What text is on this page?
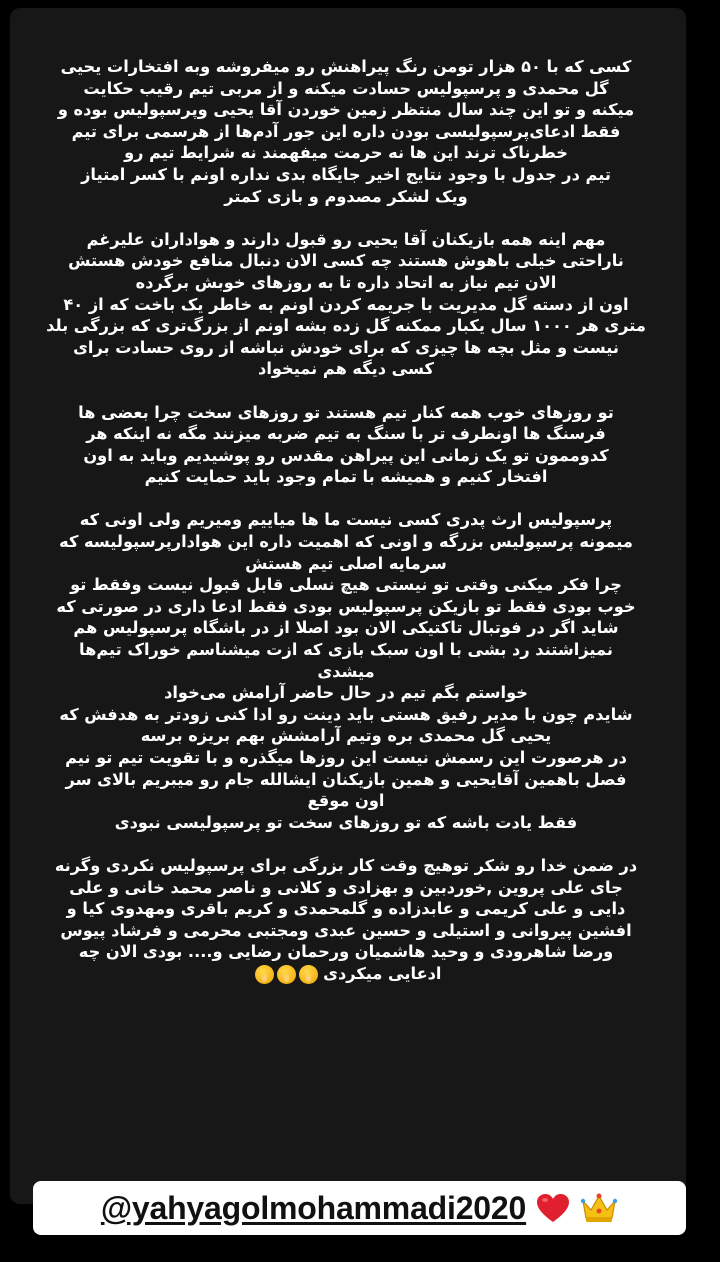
کسی که با ۵۰ هزار تومن رنگ پیراهنش رو میفروشه وبه افتخارات یحیی
گل محمدی و پرسپولیس حسادت میکنه و از مربی تیم رقیب حکایت
میکنه و تو این چند سال منتظر زمین خوردن آقا یحیی وپرسپولیس بوده و
فقط ادعای‌پرسپولیسی بودن داره این جور آدم‌ها از هرسمی برای تیم
خطرناک ترند این ها نه حرمت میفهمند نه شرایط تیم رو
تیم در جدول با وجود نتایج اخیر جایگاه بدی نداره اونم با کسر امتیاز
ویک لشکر مصدوم و بازی کمتر
مهم اینه همه بازیکنان آقا یحیی رو قبول دارند و هواداران علیرغم
ناراحتی خیلی باهوش هستند چه کسی الان دنبال منافع خودش هستش
الان تیم نیاز به اتحاد داره تا به روزهای خوبش برگرده
اون از دسته گل مدیریت با جریمه کردن اونم به خاطر یک باخت که از ۴۰
متری هر ۱۰۰۰ سال یکبار ممکنه گل زده بشه اونم از بزرگ‌تری که بزرگی بلد
نیست و مثل بچه ها چیزی که برای خودش نباشه از روی حسادت برای
کسی دیگه هم نمیخواد
تو روزهای خوب همه کنار تیم هستند تو روزهای سخت چرا بعضی ها
فرسنگ ها اونطرف تر با سنگ به تیم ضربه میزنند مگه نه اینکه هر
کدوممون تو یک زمانی این پیراهن مقدس رو پوشیدیم وباید به اون
افتخار کنیم و همیشه با تمام وجود باید حمایت کنیم
پرسپولیس ارث پدری کسی نیست ما ها میاییم ومیریم ولی اونی که
میمونه پرسپولیس بزرگه و اونی که اهمیت داره این هوادارپرسپولیسه که
سرمایه اصلی تیم هستش
چرا فکر میکنی وقتی تو نیستی هیچ نسلی قابل قبول نیست وفقط تو
خوب بودی فقط تو بازیکن پرسپولیس بودی فقط ادعا داری در صورتی که
شاید اگر در فوتبال تاکتیکی الان بود اصلا از در باشگاه پرسپولیس هم
نمیزاشتند رد بشی با اون سبک بازی که ازت میشناسم خوراک تیم‌ها
میشدی
خواستم بگم تیم در حال حاضر آرامش می‌خواد
شایدم چون با مدیر رفیق هستی باید دینت رو ادا کنی زودتر به هدفش که
یحیی گل محمدی بره وتیم آرامشش بهم بریزه برسه
در هرصورت این رسمش نیست این روزها میگذره و با تقویت تیم تو نیم
فصل باهمین آقایحیی و همین بازیکنان ایشالله جام رو میبریم بالای سر
اون موقع
فقط یادت باشه که تو روزهای سخت تو پرسپولیسی نبودی
در ضمن خدا رو شکر توهیچ وقت کار بزرگی برای پرسپولیس نکردی وگرنه
جای علی پروین ,خوردبین و بهزادی و کلانی و ناصر محمد خانی و علی
دایی و علی کریمی و عابدزاده و گلمحمدی و کریم باقری ومهدوی کیا و
افشین پیروانی و استیلی و حسین عبدی ومجتبی محرمی و فرشاد پیوس
ورضا شاهرودی و وحید هاشمیان ورحمان رضایی و.... بودی الان چه
ادعایی میکردی
@yahyagolmohammadi2020
